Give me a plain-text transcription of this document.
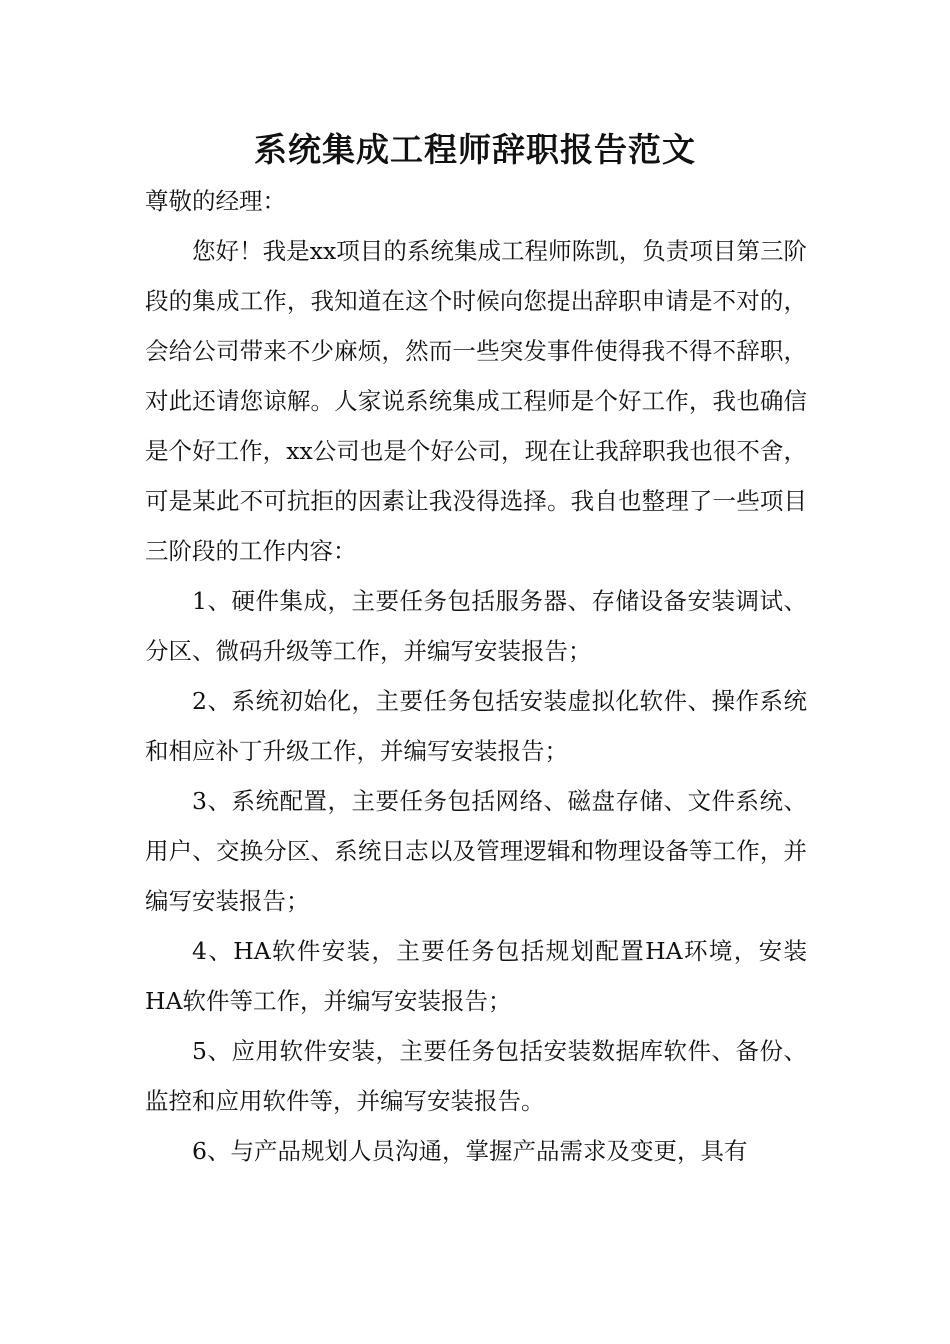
系统集成工程师辞职报告范文

尊敬的经理：

您好！我是xx项目的系统集成工程师陈凯，负责项目第三阶段的集成工作，我知道在这个时候向您提出辞职申请是不对的，会给公司带来不少麻烦，然而一些突发事件使得我不得不辞职，对此还请您谅解。人家说系统集成工程师是个好工作，我也确信是个好工作，xx公司也是个好公司，现在让我辞职我也很不舍，可是某此不可抗拒的因素让我没得选择。我自也整理了一些项目三阶段的工作内容：

1、硬件集成，主要任务包括服务器、存储设备安装调试、分区、微码升级等工作，并编写安装报告；

2、系统初始化，主要任务包括安装虚拟化软件、操作系统和相应补丁升级工作，并编写安装报告；

3、系统配置，主要任务包括网络、磁盘存储、文件系统、用户、交换分区、系统日志以及管理逻辑和物理设备等工作，并编写安装报告；

4、HA软件安装，主要任务包括规划配置HA环境，安装HA软件等工作，并编写安装报告；

5、应用软件安装，主要任务包括安装数据库软件、备份、监控和应用软件等，并编写安装报告。

6、与产品规划人员沟通，掌握产品需求及变更，具有
